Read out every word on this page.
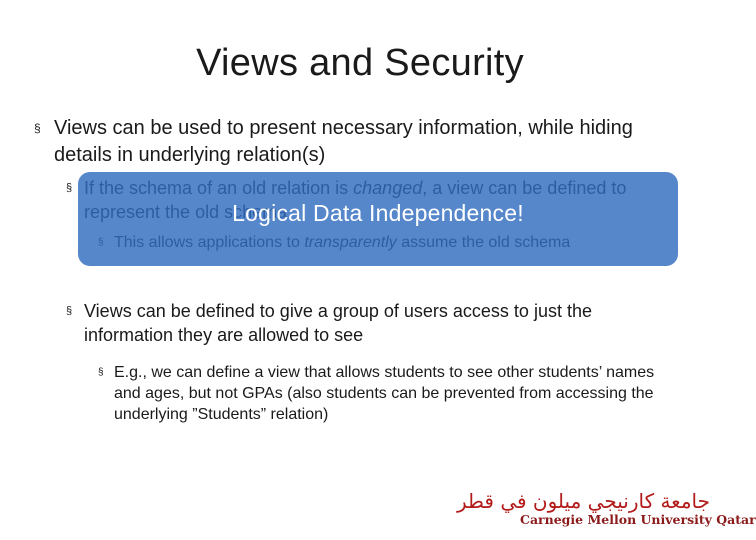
Views and Security
§ Views can be used to present necessary information, while hiding details in underlying relation(s)
§
Logical Data Independence!
§ Views can be defined to give a group of users access to just the information they are allowed to see
§ E.g., we can define a view that allows students to see other students’ names and ages, but not GPAs (also students can be prevented from accessing the underlying ”Students” relation)
جامعة كارنيجي ميلون في قطر
Carnegie Mellon University Qatar
